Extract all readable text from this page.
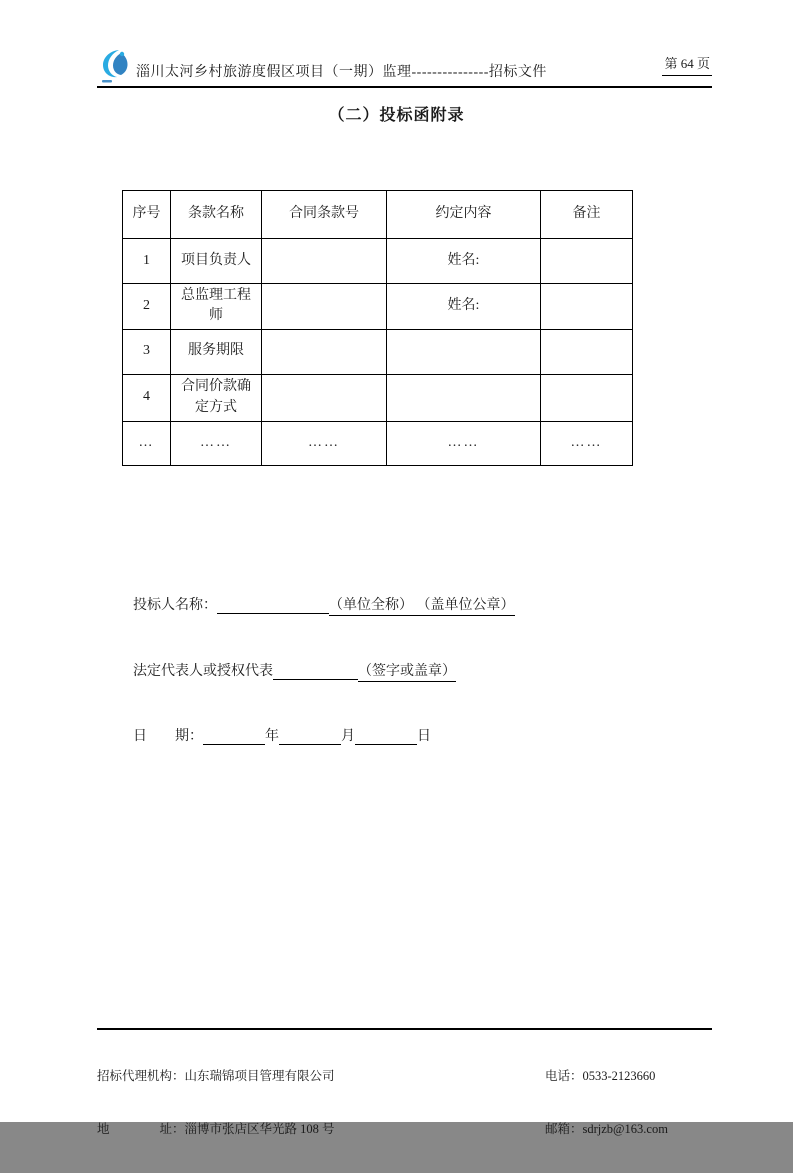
淄川太河乡村旅游度假区项目（一期）监理---------------招标文件
第 64 页
（二）投标函附录
序号	条款名称	合同条款号	约定内容	备注
1	项目负责人		姓名:	
2	总监理工程师		姓名:	
3	服务期限			
4	合同价款确定方式			
…	……	……	……	……
投标人名称：	（单位全称） （盖单位公章）
法定代表人或授权代表	（签字或盖章）
日　　期：	年	月	日

招标代理机构：山东瑞锦项目管理有限公司

地　　　　址：淄博市张店区华光路 108 号

电话：0533-2123660

邮箱：sdrjzb@163.com
